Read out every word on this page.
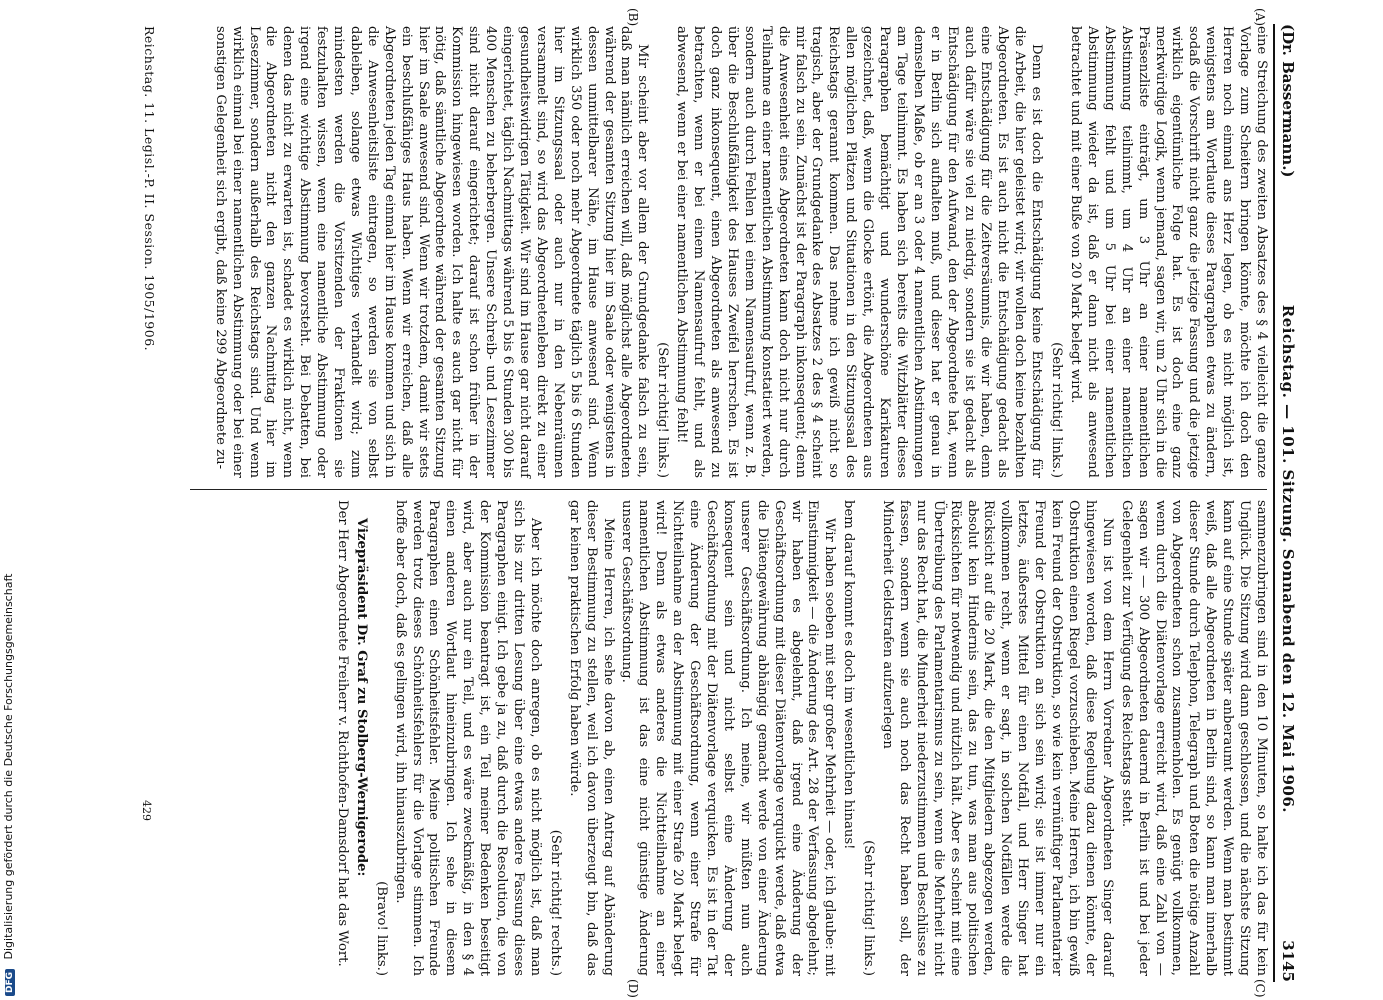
DFG Digitalisierung gefördert durch die Deutsche Forschungsgemeinschaft
(Dr. Bassermann.)
Reichstag. — 101. Sitzung. Sonnabend den 12. Mai 1906.
3145
(A)
(B)
(C)
(D)

eine Streichung des zweiten Absatzes des § 4 vielleicht die ganze Vorlage zum Scheitern bringen könnte, möchte ich doch den Herren noch einmal ans Herz legen, ob es nicht möglich ist, wenigstens am Wortlaute dieses Paragraphen etwas zu ändern, sodaß die Vorschrift nicht ganz die jetzige Fassung und die jetzige wirklich eigentümliche Folge hat. Es ist doch eine ganz merkwürdige Logik, wenn jemand, sagen wir, um 2 Uhr sich in die Präsenzliste einträgt, um 3 Uhr an einer namentlichen Abstimmung teilnimmt, um 4 Uhr an einer namentlichen Abstimmung fehlt und um 5 Uhr bei einer namentlichen Abstimmung wieder da ist, daß er dann nicht als anwesend betrachtet und mit einer Buße von 20 Mark belegt wird.

(Sehr richtig! links.)

Denn es ist doch die Entschädigung keine Entschädigung für die Arbeit, die hier geleistet wird; wir wollen doch keine bezahlten Abgeordneten. Es ist auch nicht die Entschädigung gedacht als eine Entschädigung für die Zeitversäumnis, die wir haben, denn auch dafür wäre sie viel zu niedrig, sondern sie ist gedacht als Entschädigung für den Aufwand, den der Abgeordnete hat, wenn er in Berlin sich aufhalten muß, und dieser hat er genau in demselben Maße, ob er an 3 oder 4 namentlichen Abstimmungen am Tage teilnimmt. Es haben sich bereits die Witzblätter dieses Paragraphen bemächtigt und wunderschöne Karikaturen gezeichnet, daß, wenn die Glocke ertönt, die Abgeordneten aus allen möglichen Plätzen und Situationen in den Sitzungssaal des Reichstags gerannt kommen. Das nehme ich gewiß nicht so tragisch, aber der Grundgedanke des Absatzes 2 des § 4 scheint mir falsch zu sein. Zunächst ist der Paragraph inkonsequent; denn die Anwesenheit eines Abgeordneten kann doch nicht nur durch Teilnahme an einer namentlichen Abstimmung konstatiert werden, sondern auch durch Fehlen bei einem Namensaufruf, wenn z. B. über die Beschlußfähigkeit des Hauses Zweifel herrschen. Es ist doch ganz inkonsequent, einen Abgeordneten als anwesend zu betrachten, wenn er bei einem Namensaufruf fehlt, und als abwesend, wenn er bei einer namentlichen Abstimmung fehlt!

(Sehr richtig! links.)

Mir scheint aber vor allem der Grundgedanke falsch zu sein, daß man nämlich erreichen will, daß möglichst alle Abgeordneten während der gesamten Sitzung hier im Saale oder wenigstens in dessen unmittelbarer Nähe, im Hause anwesend sind. Wenn wirklich 350 oder noch mehr Abgeordnete täglich 5 bis 6 Stunden hier im Sitzungssaal oder auch nur in den Nebenräumen versammelt sind, so wird das Abgeordnetenleben direkt zu einer gesundheitswidrigen Tätigkeit. Wir sind im Hause gar nicht darauf eingerichtet, täglich Nachmittags während 5 bis 6 Stunden 300 bis 400 Menschen zu beherbergen. Unsere Schreib- und Lesezimmer sind nicht darauf eingerichtet; darauf ist schon früher in der Kommission hingewiesen worden. Ich halte es auch gar nicht für nötig, daß sämtliche Abgeordnete während der gesamten Sitzung hier im Saale anwesend sind. Wenn wir trotzdem, damit wir stets ein beschlußfähiges Haus haben. Wenn wir erreichen, daß alle Abgeordneten jeden Tag einmal hier im Hause kommen und sich in die Anwesenheitsliste eintragen, so werden sie von selbst dableiben, solange etwas Wichtiges verhandelt wird; zum mindesten werden die Vorsitzenden der Fraktionen sie festzuhalten wissen, wenn eine namentliche Abstimmung oder irgend eine wichtige Abstimmung bevorsteht. Bei Debatten, bei denen das nicht zu erwarten ist, schadet es wirklich nicht, wenn die Abgeordneten nicht den ganzen Nachmittag hier im Lesezimmer, sondern außerhalb des Reichstags sind. Und wenn wirklich einmal bei einer namentlichen Abstimmung oder bei einer sonstigen Gelegenheit sich ergibt, daß keine 299 Abgeordnete zu-

sammenzubringen sind in den 10 Minuten, so halte ich das für kein Unglück. Die Sitzung wird dann geschlossen, und die nächste Sitzung kann auf eine Stunde später anberaumt werden. Wenn man bestimmt weiß, daß alle Abgeordneten in Berlin sind, so kann man innerhalb dieser Stunde durch Telephon, Telegraph und Boten die nötige Anzahl von Abgeordneten schon zusammenholen. Es genügt vollkommen, wenn durch die Diätenvorlage erreicht wird, daß eine Zahl von — sagen wir — 300 Abgeordneten dauernd in Berlin ist und bei jeder Gelegenheit zur Verfügung des Reichstags steht.

Nun ist von dem Herrn Vorredner Abgeordneten Singer darauf hingewiesen worden, daß diese Regelung dazu dienen könnte, der Obstruktion einen Riegel vorzuschieben. Meine Herren, ich bin gewiß kein Freund der Obstruktion, so wie kein vernünftiger Parlamentarier Freund der Obstruktion an sich sein wird; sie ist immer nur ein letztes, äußerstes Mittel für einen Notfall, und Herr Singer hat vollkommen recht, wenn er sagt, in solchen Notfällen werde die Rücksicht auf die 20 Mark, die den Mitgliedern abgezogen werden, absolut kein Hindernis sein, das zu tun, was man aus politischen Rücksichten für notwendig und nützlich hält. Aber es scheint mit eine Übertreibung des Parlamentarismus zu sein, wenn die Mehrheit nicht nur das Recht hat, die Minderheit niederzustimmen und Beschlüsse zu fassen, sondern wenn sie auch noch das Recht haben soll, der Minderheit Geldstrafen aufzuerlegen

(Sehr richtig! links.)

bem darauf kommt es doch im wesentlichen hinaus!

Wir haben soeben mit sehr großer Mehrheit — oder, ich glaube: mit Einstimmigkeit — die Änderung des Art. 28 der Verfassung abgelehnt; wir haben es abgelehnt, daß irgend eine Änderung der Geschäftsordnung mit dieser Diätenvorlage verquickt werde, daß etwa die Diätengewährung abhängig gemacht werde von einer Änderung unserer Geschäftsordnung. Ich meine, wir müßten nun auch konsequent sein und nicht selbst eine Änderung der Geschäftsordnung mit der Diätenvorlage verquicken. Es ist in der Tat eine Änderung der Geschäftsordnung, wenn einer Strafe für Nichtteilnahme an der Abstimmung mit einer Strafe 20 Mark belegt wird! Denn als etwas anderes die Nichtteilnahme an einer namentlichen Abstimmung ist das eine nicht günstige Änderung unserer Geschäftsordnung.

Meine Herren, ich sehe davon ab, einen Antrag auf Abänderung dieser Bestimmung zu stellen, weil ich davon überzeugt bin, daß das gar keinen praktischen Erfolg haben würde.

(Sehr richtig! rechts.)

Aber ich möchte doch anregen, ob es nicht möglich ist, daß man sich bis zur dritten Lesung über eine etwas andere Fassung dieses Paragraphen einigt. Ich gebe ja zu, daß durch die Resolution, die von der Kommission beantragt ist, ein Teil meiner Bedenken beseitigt wird, aber auch nur ein Teil, und es wäre zweckmäßig, in den § 4 einen anderen Wortlaut hineinzubringen. Ich sehe in diesem Paragraphen einen Schönheitsfehler. Meine politischen Freunde werden trotz dieses Schönheitsfehlers für die Vorlage stimmen. Ich hoffe aber doch, daß es gelingen wird, ihn hinauszubringen.

(Bravo! links.)

Vizepräsident Dr. Graf zu Stolberg-Wernigerode:

Der Herr Abgeordnete Freiherr v. Richthofen-Damsdorf hat das Wort.

Reichstag. 11. Legisl.-P. II. Session. 1905/1906.
429
